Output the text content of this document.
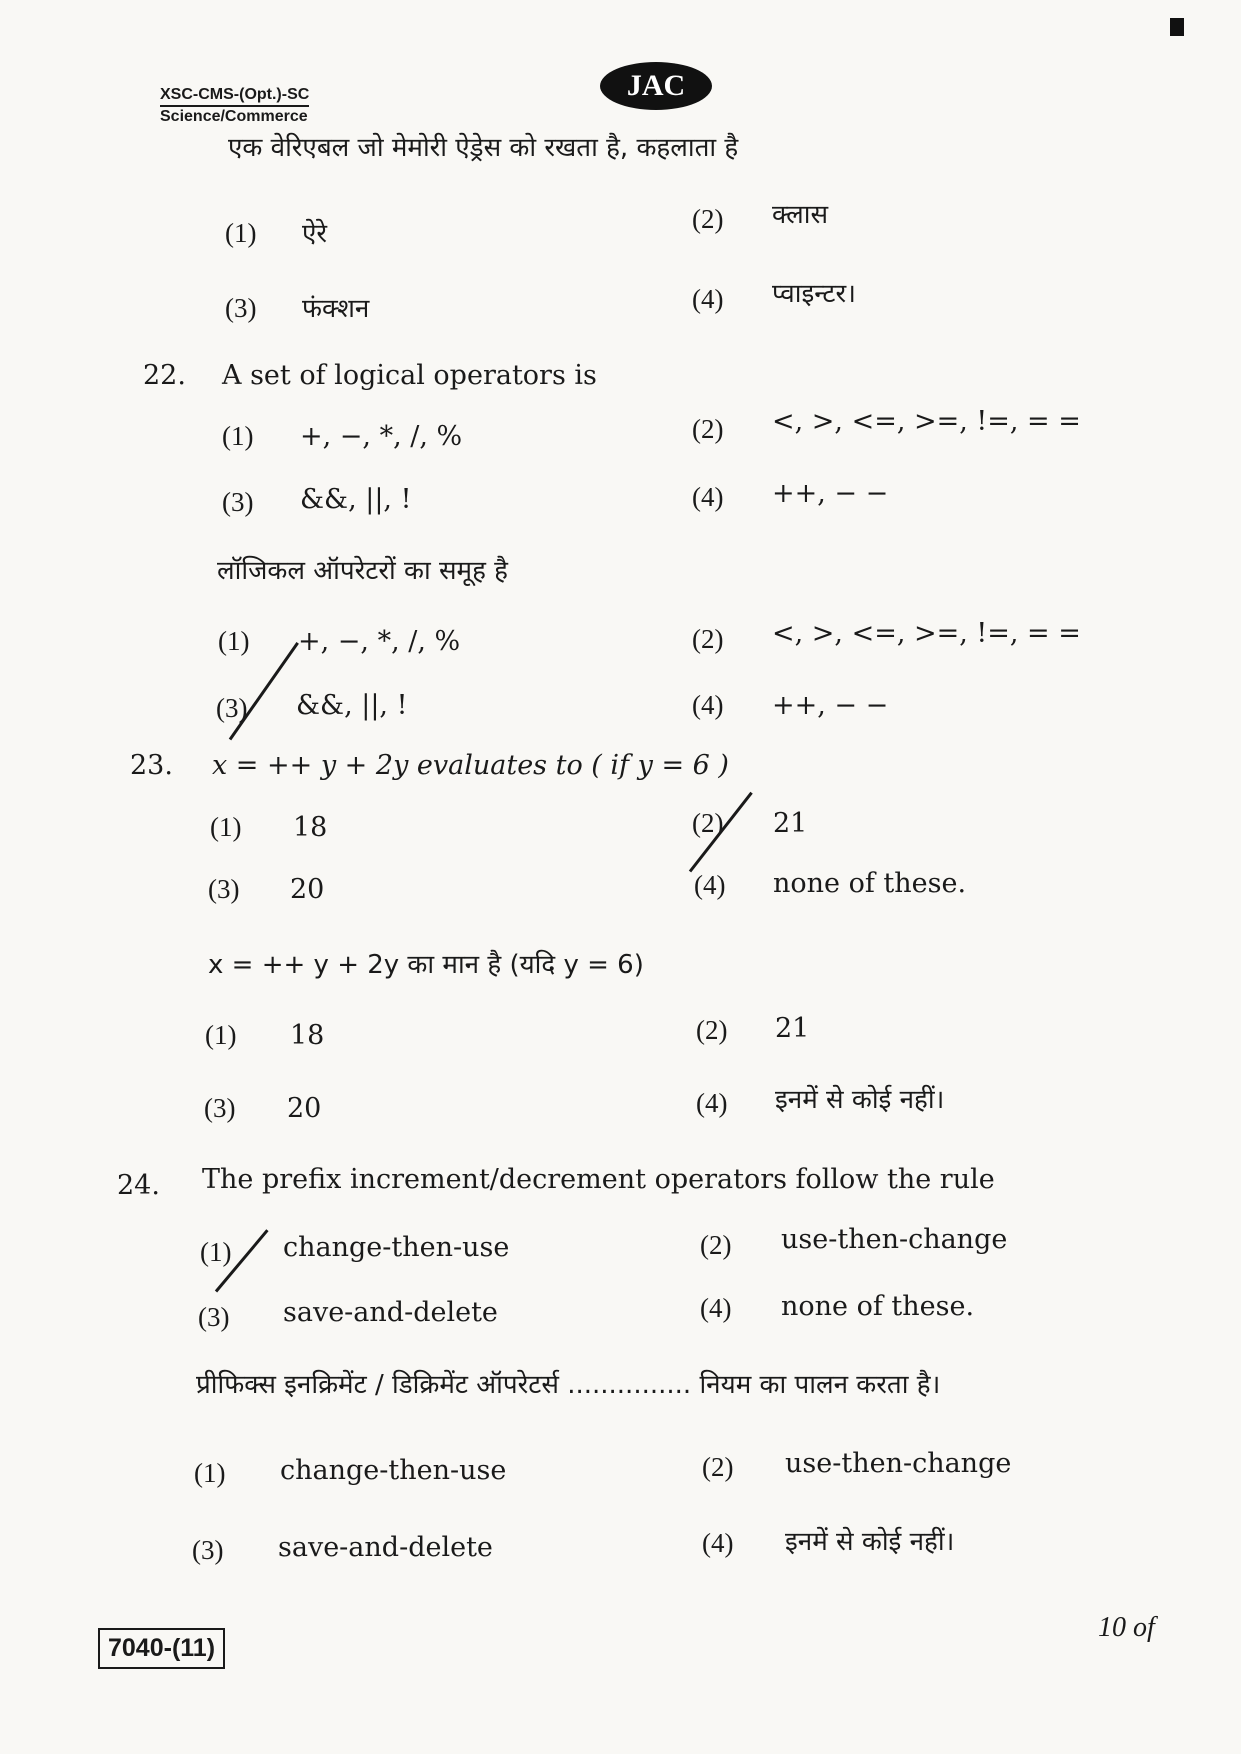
XSC-CMS-(Opt.)-SC
Science/Commerce
JAC
एक वेरिएबल जो मेमोरी ऐड्रेस को रखता है, कहलाता है
(1) ऐरे	(2) क्लास
(3) फंक्शन	(4) प्वाइन्टर।
22. A set of logical operators is
(1) +, −, *, /, %	(2) <, >, <=, >=, !=, = =
(3) &&, ||, !	(4) ++, − −
लॉजिकल ऑपरेटरों का समूह है
(1) +, −, *, /, %	(2) <, >, <=, >=, !=, = =
(3) &&, ||, !	(4) ++, − −
23. x = ++ y + 2y evaluates to ( if y = 6 )
(1) 18	(2) 21
(3) 20	(4) none of these.
x = ++ y + 2y का मान है (यदि y = 6)
(1) 18	(2) 21
(3) 20	(4) इनमें से कोई नहीं।
24. The prefix increment/decrement operators follow the rule
(1) change-then-use	(2) use-then-change
(3) save-and-delete	(4) none of these.
प्रीफिक्स इनक्रिमेंट / डिक्रिमेंट ऑपरेटर्स ............... नियम का पालन करता है।
(1) change-then-use	(2) use-then-change
(3) save-and-delete	(4) इनमें से कोई नहीं।
7040-(11)
10 of
